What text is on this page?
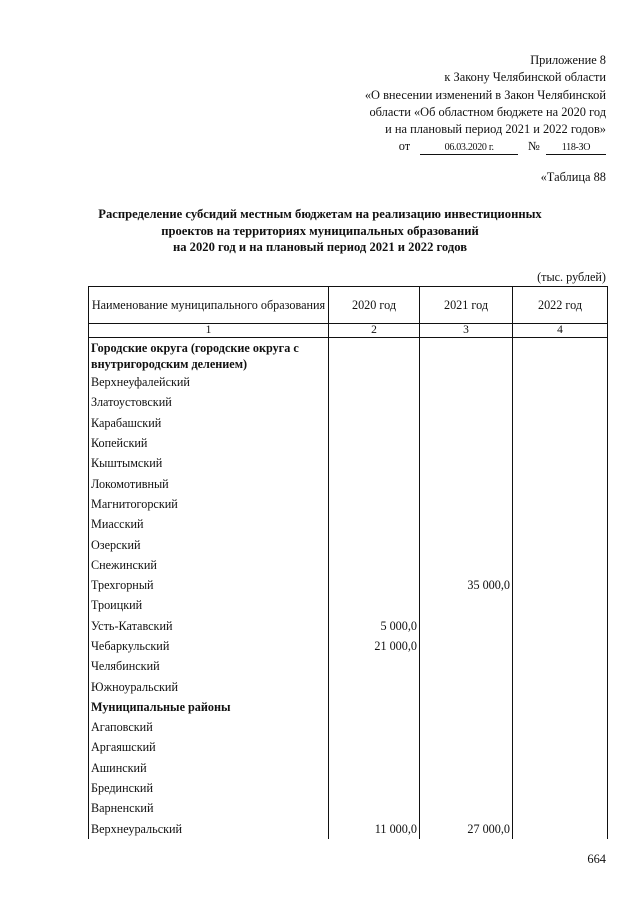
Приложение 8
к Закону Челябинской области
«О внесении изменений в Закон Челябинской
области «Об областном бюджете на 2020 год
и на плановый период 2021 и 2022 годов»
от	06.03.2020 г.	№ 118-ЗО
«Таблица 88
Распределение субсидий местным бюджетам на реализацию инвестиционных
проектов на территориях муниципальных образований
на 2020 год и на плановый период 2021 и 2022 годов
(тыс. рублей)
Наименование муниципального образования	2020 год	2021 год	2022 год
1	2	3	4
Городские округа (городские округа с внутригородским делением)			
Верхнеуфалейский			
Златоустовский			
Карабашский			
Копейский			
Кыштымский			
Локомотивный			
Магнитогорский			
Миасский			
Озерский			
Снежинский			
Трехгорный		35 000,0	
Троицкий			
Усть-Катавский	5 000,0		
Чебаркульский	21 000,0		
Челябинский			
Южноуральский			
Муниципальные районы			
Агаповский			
Аргаяшский			
Ашинский			
Брединский			
Варненский			
Верхнеуральский	11 000,0	27 000,0	
664
